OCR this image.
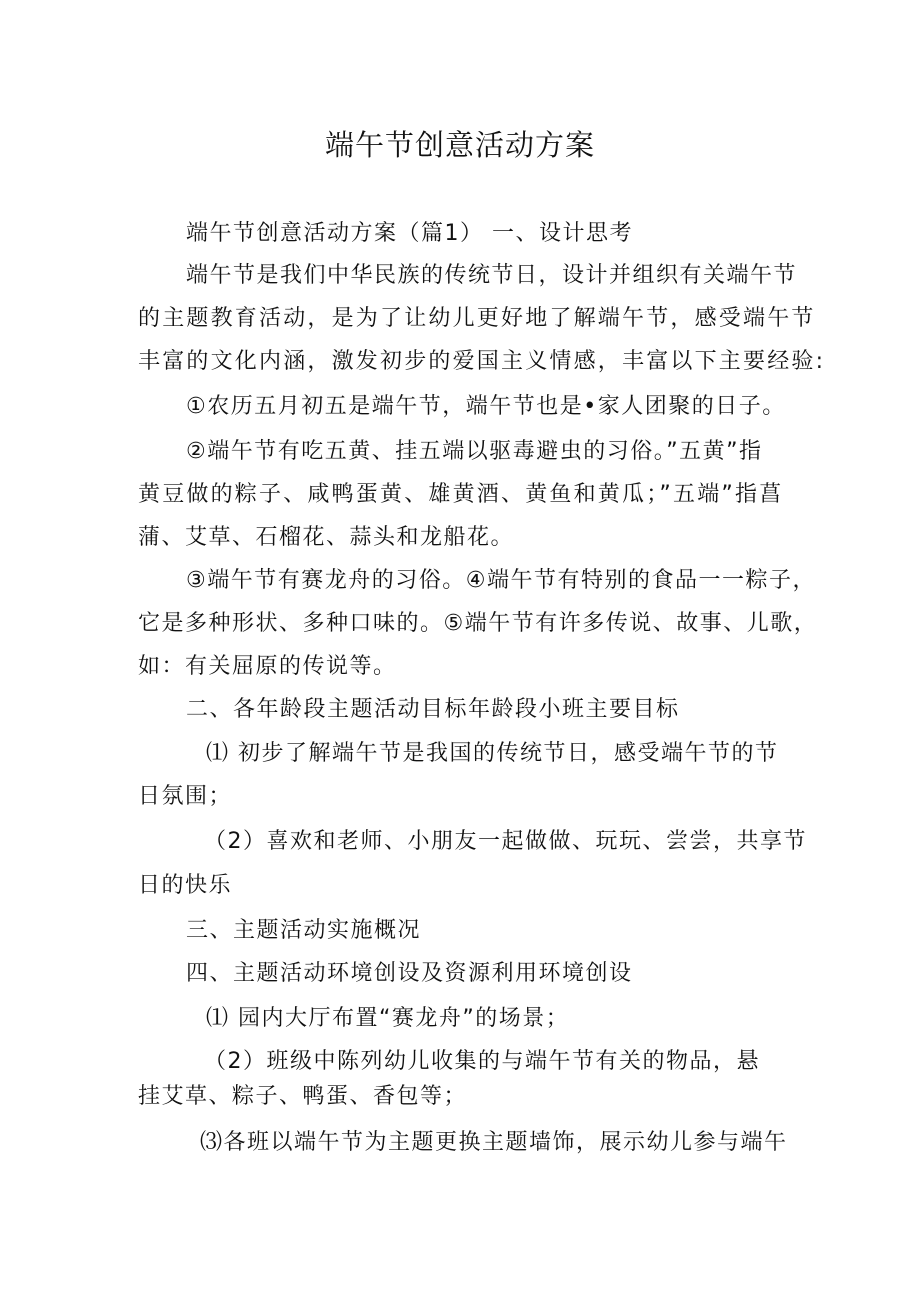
端午节创意活动方案

端午节创意活动方案（篇1） 一、设计思考

端午节是我们中华民族的传统节日，设计并组织有关端午节

的主题教育活动，是为了让幼儿更好地了解端午节，感受端午节

丰富的文化内涵，激发初步的爱国主义情感，丰富以下主要经验:

①农历五月初五是端午节，端午节也是•家人团聚的日子。

②端午节有吃五黄、挂五端以驱毒避虫的习俗。”五黄”指

黄豆做的粽子、咸鸭蛋黄、雄黄酒、黄鱼和黄瓜；”五端”指菖

蒲、艾草、石榴花、蒜头和龙船花。

③端午节有赛龙舟的习俗。④端午节有特别的食品一一粽子，

它是多种形状、多种口味的。⑤端午节有许多传说、故事、儿歌，

如：有关屈原的传说等。

二、各年龄段主题活动目标年龄段小班主要目标

⑴ 初步了解端午节是我国的传统节日，感受端午节的节

日氛围；

（2）喜欢和老师、小朋友一起做做、玩玩、尝尝，共享节

日的快乐

三、主题活动实施概况

四、主题活动环境创设及资源利用环境创设

⑴ 园内大厅布置“赛龙舟”的场景；

（2）班级中陈列幼儿收集的与端午节有关的物品，悬

挂艾草、粽子、鸭蛋、香包等；

⑶各班以端午节为主题更换主题墙饰，展示幼儿参与端午
